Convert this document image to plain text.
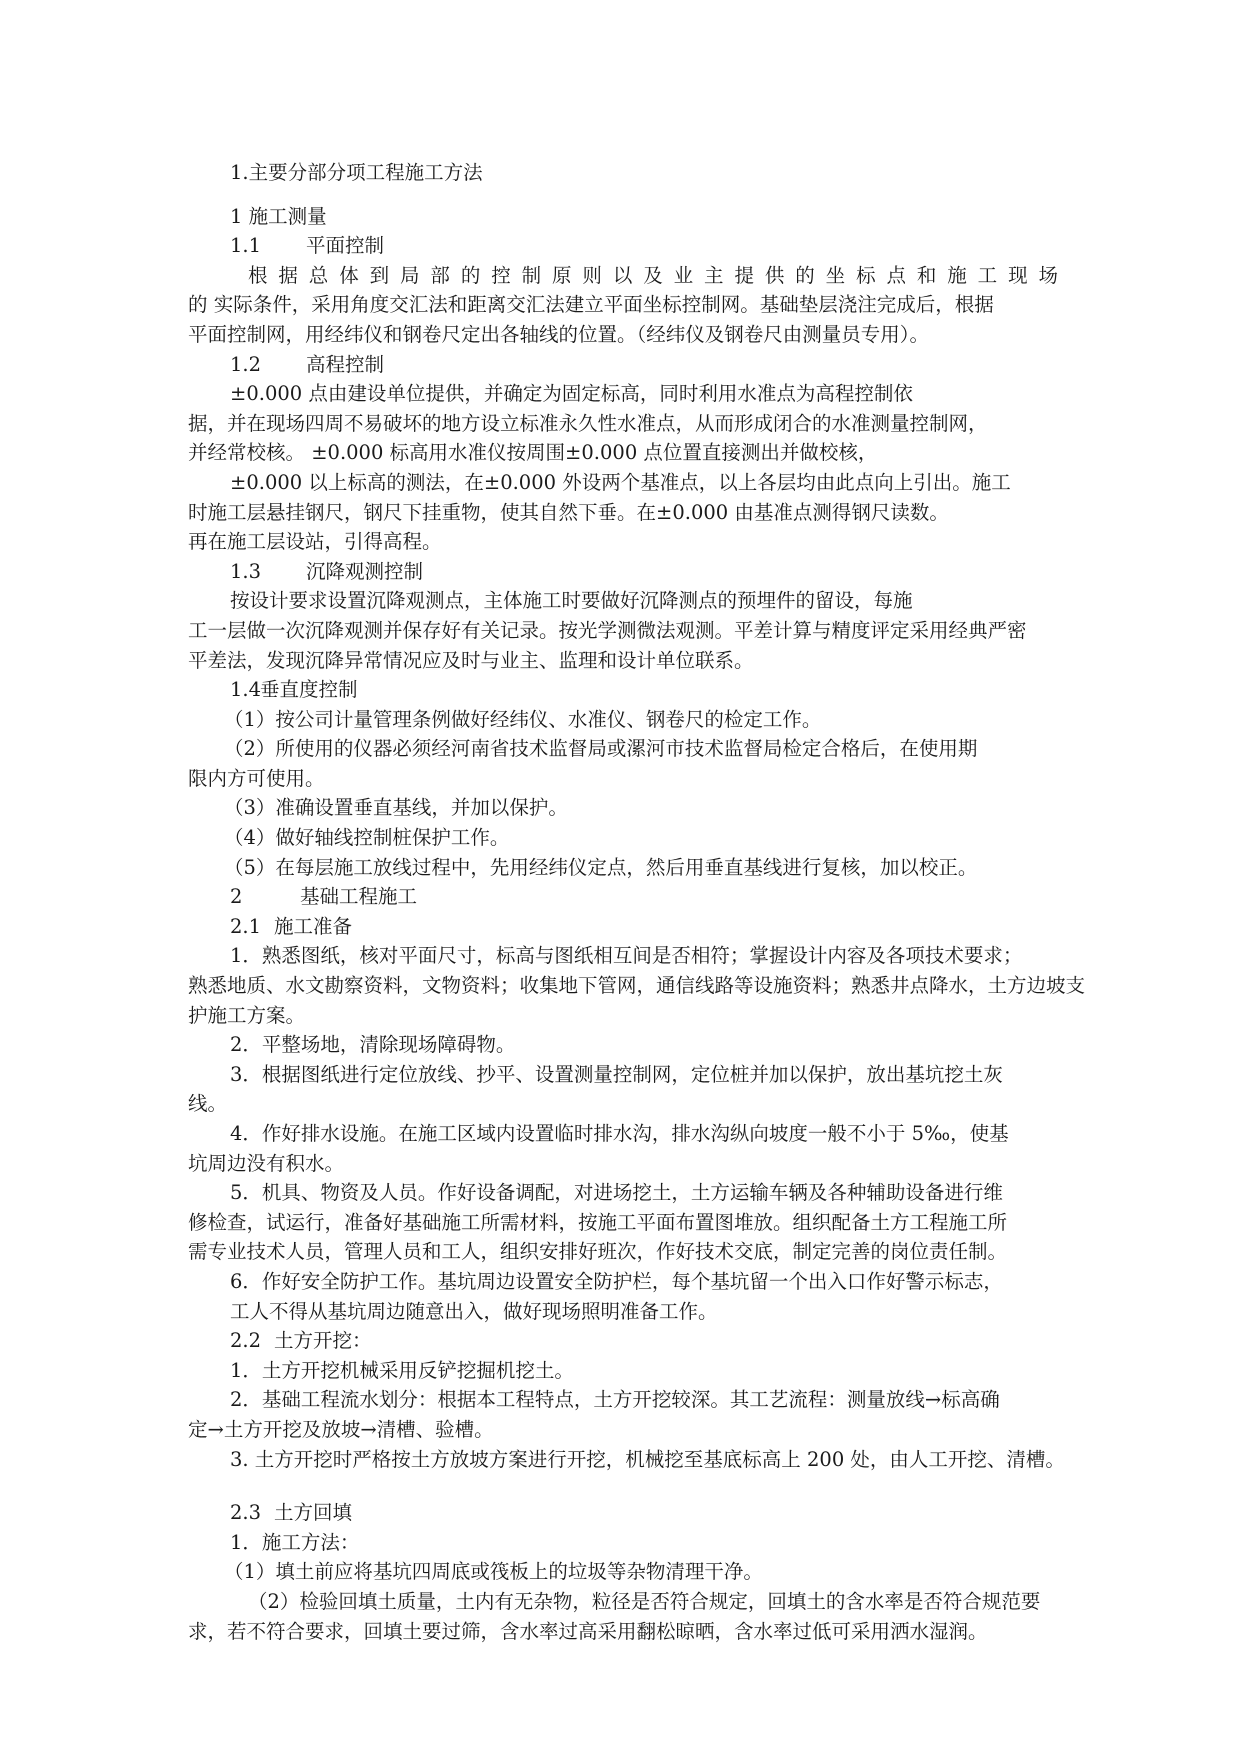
1.主要分部分项工程施工方法
1 施工测量
1.1 平面控制
根据总体到局部的控制原则以及业主提供的坐标点和施工现场
的 实际条件，采用角度交汇法和距离交汇法建立平面坐标控制网。基础垫层浇注完成后，根据
平面控制网，用经纬仪和钢卷尺定出各轴线的位置。（经纬仪及钢卷尺由测量员专用）。
1.2 高程控制
±0.000 点由建设单位提供，并确定为固定标高，同时利用水准点为高程控制依
据，并在现场四周不易破坏的地方设立标准永久性水准点，从而形成闭合的水准测量控制网，
并经常校核。 ±0.000 标高用水准仪按周围±0.000 点位置直接测出并做校核，
±0.000 以上标高的测法，在±0.000 外设两个基准点，以上各层均由此点向上引出。施工
时施工层悬挂钢尺，钢尺下挂重物，使其自然下垂。在±0.000 由基准点测得钢尺读数。
再在施工层设站，引得高程。
1.3 沉降观测控制
按设计要求设置沉降观测点，主体施工时要做好沉降测点的预埋件的留设，每施
工一层做一次沉降观测并保存好有关记录。按光学测微法观测。平差计算与精度评定采用经典严密
平差法，发现沉降异常情况应及时与业主、监理和设计单位联系。
1.4垂直度控制
（1）按公司计量管理条例做好经纬仪、水准仪、钢卷尺的检定工作。
（2）所使用的仪器必须经河南省技术监督局或漯河市技术监督局检定合格后，在使用期
限内方可使用。
（3）准确设置垂直基线，并加以保护。
（4）做好轴线控制桩保护工作。
（5）在每层施工放线过程中，先用经纬仪定点，然后用垂直基线进行复核，加以校正。
2	基础工程施工
2.1 施工准备
1．熟悉图纸，核对平面尺寸，标高与图纸相互间是否相符；掌握设计内容及各项技术要求；
熟悉地质、水文勘察资料，文物资料；收集地下管网，通信线路等设施资料；熟悉井点降水，土方边坡支
护施工方案。
2．平整场地，清除现场障碍物。
3．根据图纸进行定位放线、抄平、设置测量控制网，定位桩并加以保护，放出基坑挖土灰
线。
4．作好排水设施。在施工区域内设置临时排水沟，排水沟纵向坡度一般不小于 5‰，使基
坑周边没有积水。
5．机具、物资及人员。作好设备调配，对进场挖土，土方运输车辆及各种辅助设备进行维
修检查，试运行，准备好基础施工所需材料，按施工平面布置图堆放。组织配备土方工程施工所
需专业技术人员，管理人员和工人，组织安排好班次，作好技术交底，制定完善的岗位责任制。
6．作好安全防护工作。基坑周边设置安全防护栏，每个基坑留一个出入口作好警示标志，
工人不得从基坑周边随意出入，做好现场照明准备工作。
2.2 土方开挖：
1．土方开挖机械采用反铲挖掘机挖土。
2．基础工程流水划分：根据本工程特点，土方开挖较深。其工艺流程：测量放线→标高确
定→土方开挖及放坡→清槽、验槽。
3. 土方开挖时严格按土方放坡方案进行开挖，机械挖至基底标高上 200 处，由人工开挖、清槽。
2.3 土方回填
1．施工方法：
（1）填土前应将基坑四周底或筏板上的垃圾等杂物清理干净。
（2）检验回填土质量，土内有无杂物，粒径是否符合规定，回填土的含水率是否符合规范要
求，若不符合要求，回填土要过筛，含水率过高采用翻松晾晒，含水率过低可采用洒水湿润。
